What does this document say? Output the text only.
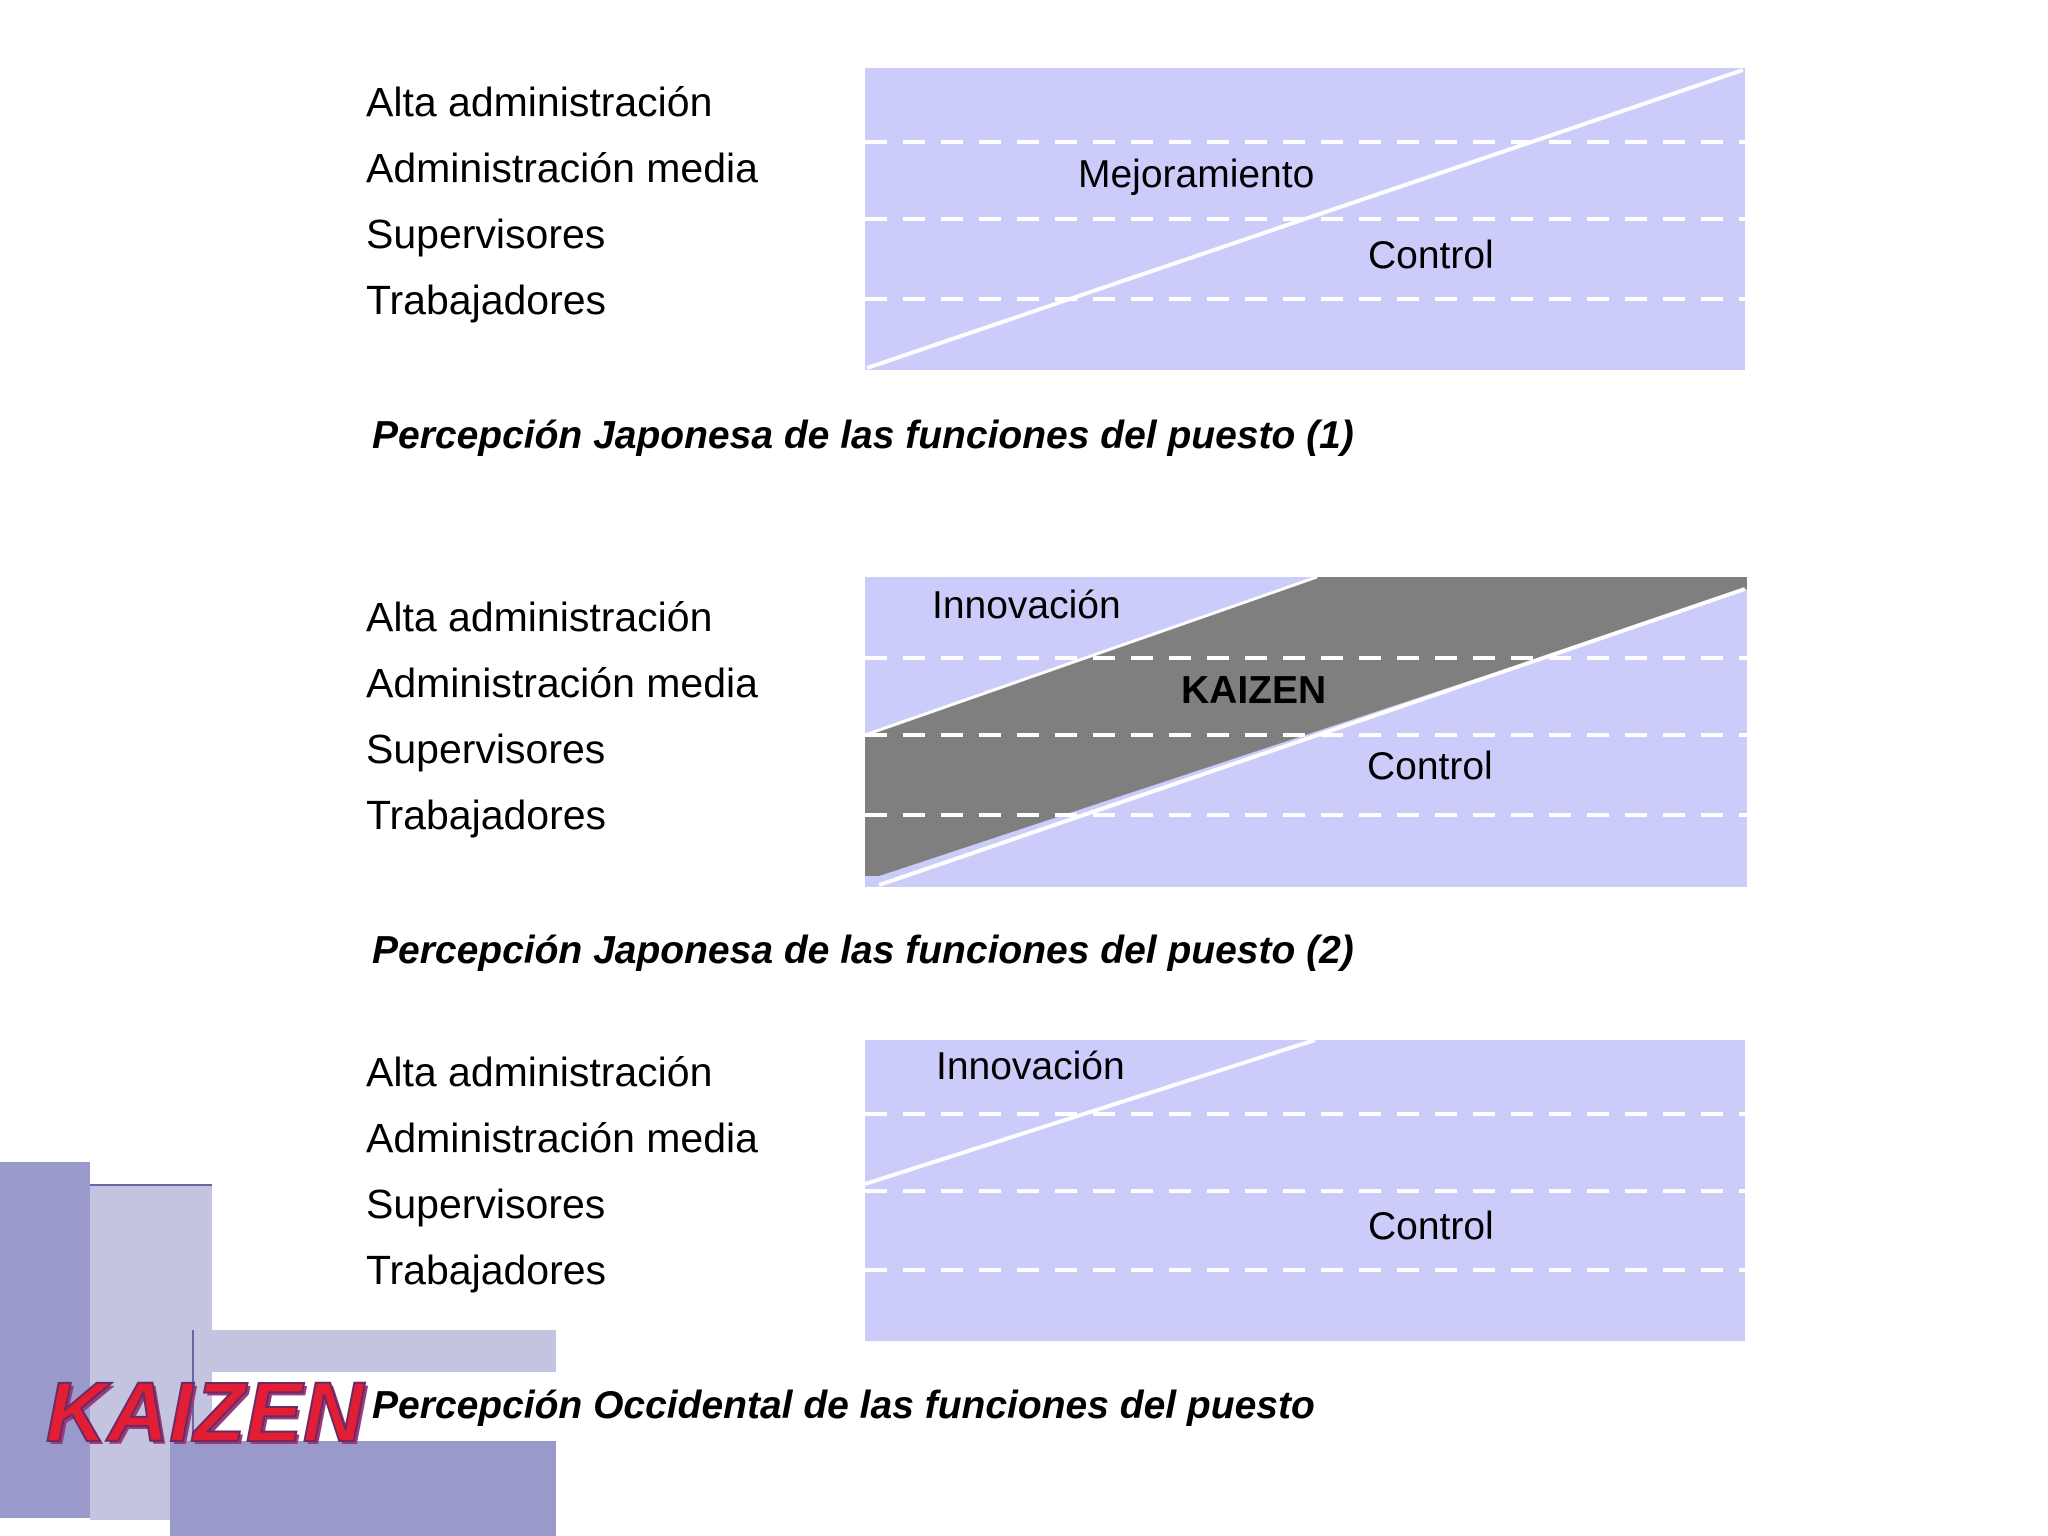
KAIZEN
Alta administración
Administración media
Supervisores
Trabajadores
Mejoramiento
Control
Percepción Japonesa de las funciones del puesto (1)
Alta administración
Administración media
Supervisores
Trabajadores
Innovación
KAIZEN
Control
Percepción Japonesa de las funciones del puesto (2)
Alta administración
Administración media
Supervisores
Trabajadores
Innovación
Control
Percepción Occidental de las funciones del puesto
